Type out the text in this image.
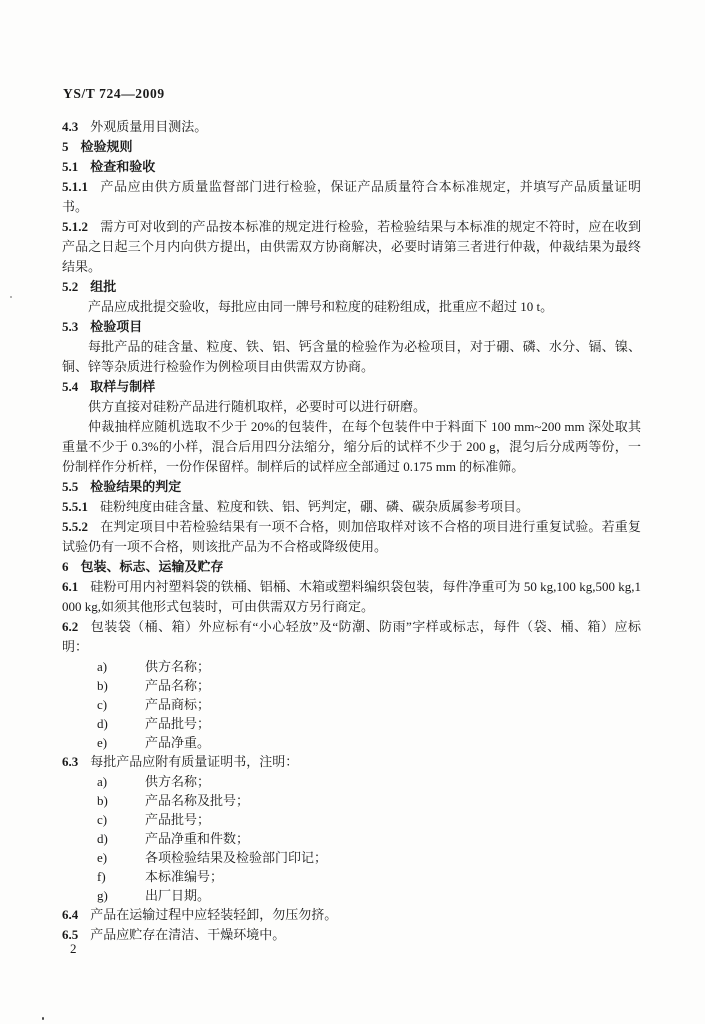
YS/T 724—2009

4.3 外观质量用目测法。

5 检验规则

5.1 检查和验收

5.1.1 产品应由供方质量监督部门进行检验，保证产品质量符合本标准规定，并填写产品质量证明书。

5.1.2 需方可对收到的产品按本标准的规定进行检验，若检验结果与本标准的规定不符时，应在收到产品之日起三个月内向供方提出，由供需双方协商解决，必要时请第三者进行仲裁，仲裁结果为最终结果。

5.2 组批

产品应成批提交验收，每批应由同一牌号和粒度的硅粉组成，批重应不超过 10 t。

5.3 检验项目

每批产品的硅含量、粒度、铁、铝、钙含量的检验作为必检项目，对于硼、磷、水分、镉、镍、铜、锌等杂质进行检验作为例检项目由供需双方协商。

5.4 取样与制样

供方直接对硅粉产品进行随机取样，必要时可以进行研磨。

仲裁抽样应随机选取不少于 20%的包装件，在每个包装件中于料面下 100 mm~200 mm 深处取其重量不少于 0.3%的小样，混合后用四分法缩分，缩分后的试样不少于 200 g，混匀后分成两等份，一份制样作分析样，一份作保留样。制样后的试样应全部通过 0.175 mm 的标准筛。

5.5 检验结果的判定

5.5.1 硅粉纯度由硅含量、粒度和铁、铝、钙判定，硼、磷、碳杂质属参考项目。

5.5.2 在判定项目中若检验结果有一项不合格，则加倍取样对该不合格的项目进行重复试验。若重复试验仍有一项不合格，则该批产品为不合格或降级使用。

6 包装、标志、运输及贮存

6.1 硅粉可用内衬塑料袋的铁桶、铝桶、木箱或塑料编织袋包装，每件净重可为 50 kg,100 kg,500 kg,1 000 kg,如须其他形式包装时，可由供需双方另行商定。

6.2 包装袋（桶、箱）外应标有“小心轻放”及“防潮、防雨”字样或标志，每件（袋、桶、箱）应标明：

a)	供方名称；
b)	产品名称；
c)	产品商标；
d)	产品批号；
e)	产品净重。

6.3 每批产品应附有质量证明书，注明：

a)	供方名称；
b)	产品名称及批号；
c)	产品批号；
d)	产品净重和件数；
e)	各项检验结果及检验部门印记；
f)	本标准编号；
g)	出厂日期。

6.4 产品在运输过程中应轻装轻卸，勿压勿挤。

6.5 产品应贮存在清洁、干燥环境中。

2
